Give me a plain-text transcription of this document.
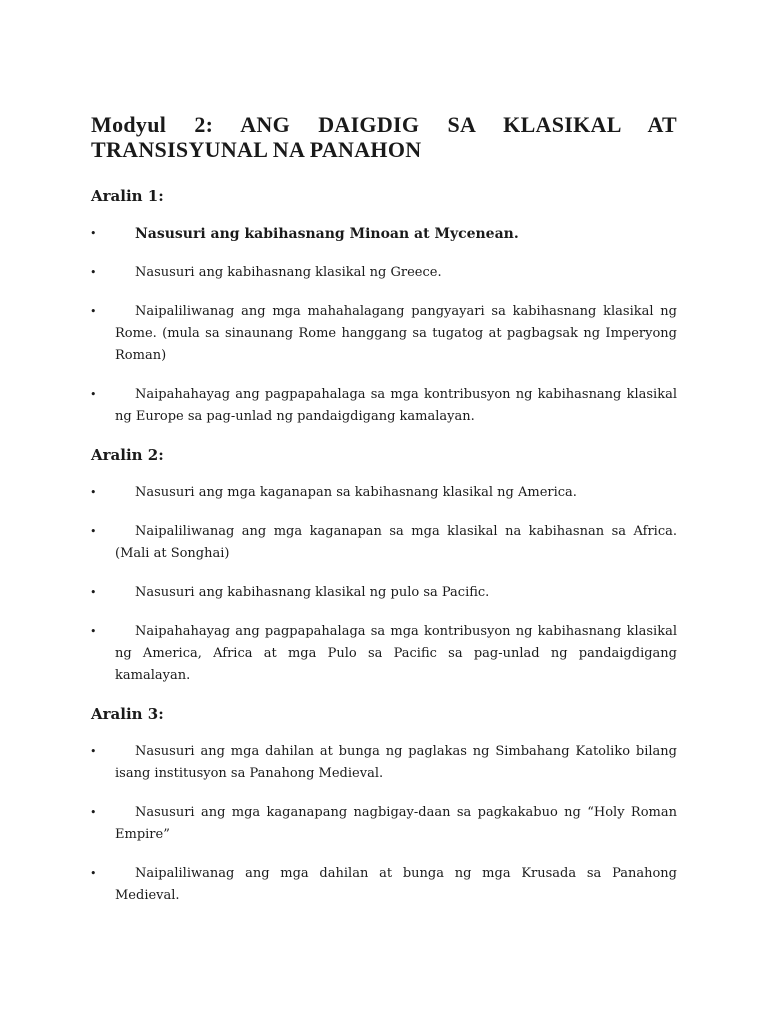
Modyul 2: ANG DAIGDIG SA KLASIKAL AT TRANSISYUNAL NA PANAHON
Aralin 1:
•	Nasusuri ang kabihasnang Minoan at Mycenean.
•	Nasusuri ang kabihasnang klasikal ng Greece.
•	Naipaliliwanag ang mga mahahalagang pangyayari sa kabihasnang klasikal ng Rome. (mula sa sinaunang Rome hanggang sa tugatog at pagbagsak ng Imperyong Roman)
•	Naipahahayag ang pagpapahalaga sa mga kontribusyon ng kabihasnang klasikal ng Europe sa pag-unlad ng pandaigdigang kamalayan.
Aralin 2:
•	Nasusuri ang mga kaganapan sa kabihasnang klasikal ng America.
•	Naipaliliwanag ang mga kaganapan sa mga klasikal na kabihasnan sa Africa. (Mali at Songhai)
•	Nasusuri ang kabihasnang klasikal ng pulo sa Pacific.
•	Naipahahayag ang pagpapahalaga sa mga kontribusyon ng kabihasnang klasikal ng America, Africa at mga Pulo sa Pacific sa pag-unlad ng pandaigdigang kamalayan.
Aralin 3:
•	Nasusuri ang mga dahilan at bunga ng paglakas ng Simbahang Katoliko bilang isang institusyon sa Panahong Medieval.
•	Nasusuri ang mga kaganapang nagbigay-daan sa pagkakabuo ng “Holy Roman Empire”
•	Naipaliliwanag ang mga dahilan at bunga ng mga Krusada sa Panahong Medieval.
